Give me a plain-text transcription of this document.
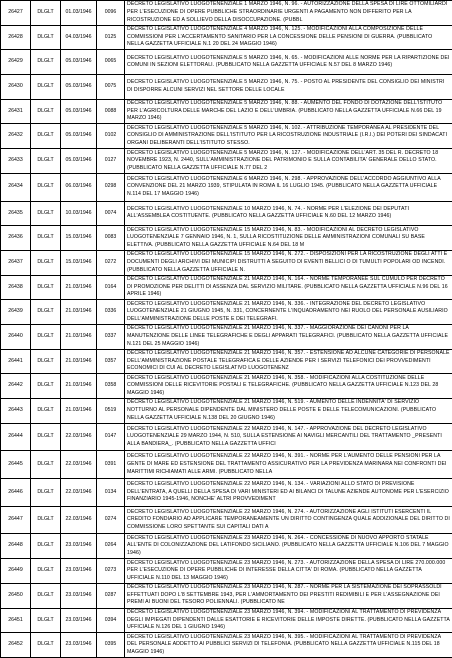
26427	DLGLT	01.03/1946	0096	DECRETO LEGISLATIVO LUOGOTENENZIALE 1 MARZO 1946, N. 96. - AUTORIZZAZIONE DELLA SPESA DI LIRE OTTOMILIARDI PER L'ESECUZIONE DI OPERE PUBBLICHE STRAORDINARIE URGENTI A PAGAMENTO NON DIFFERITO PER LA RICOSTRUZIONE ED A SOLLIEVO DELLA DISOCCUPAZIONE. (PUBBL
26428	DLGLT	04.03/1946	0125	DECRETO LEGISLATIVO LUOGOTENENZIALE 4 MARZO 1946, N. 125. - MODIFICAZIONI ALLA COMPOSIZIONE DELLE COMMISSIONI PER L'ACCERTAMENTO SANITARIO PER LA CONCESSIONE DELLE PENSIONI DI GUERRA. (PUBBLICATO NELLA GAZZETTA UFFICIALE N.1 20 DEL 24 MAGGIO 1946)
26429	DLGLT	05.03/1946	0065	DECRETO LEGISLATIVO LUOGOTENENZIALE 5 MARZO 1946, N. 65. - MODIFICAZIONI ALLE NORME PER LA RIPARTIZIONE DEI COMUNI IN SEZIONI ELETTORALI. (PUBBLICATO NELLA GAZZETTA UFFICIALE N.57 DEL 8 MARZO 1946)
26430	DLGLT	05.03/1946	0075	DECRETO LEGISLATIVO LUOGOTENENZIALE 5 MARZO 1946, N. 75. - POSTO AL PRESIDENTE DEL CONSIGLIO DEI MINISTRI DI DISPORRE ALCUNI SERVIZI NEL SETTORE DELLE LOCALE
26431	DLGLT	05.03/1946	0088	DECRETO LEGISLATIVO LUOGOTENENZIALE 5 MARZO 1946, N. 88. - AUMENTO DEL FONDO DI DOTAZIONE DELL'ISTITUTO PER L'AGRICOLTURA DELLE MARCHE DEL LAZIO E DELL'UMBRIA. (PUBBLICATO NELLA GAZZETTA UFFICIALE N.66 DEL 19 MARZO 1946)
26432	DLGLT	05.03/1946	0102	DECRETO LEGISLATIVO LUOGOTENENZIALE 5 MARZO 1946, N. 102. - ATTRIBUZIONE TEMPORANEA AL PRESIDENTE DEL CONSIGLIO DI AMMINISTRAZIONE DELL'ISTITUTO PER LA RICOSTRUZIONE INDUSTRIALE (I.R.I.) DEI POTERI DEI SINDACATI ORGANI DELIBERANTI DELL'ISTITUTO STESSO.
26433	DLGLT	05.03/1946	0127	DECRETO LEGISLATIVO LUOGOTENENZIALE 5 MARZO 1946, N. 127. - MODIFICAZIONE DELL'ART. 35 DEL R. DECRETO 18 NOVEMBRE 1923, N. 2440, SULL'AMMINISTRAZIONE DEL PATRIMONIO E SULLA CONTABILITA' GENERALE DELLO STATO. (PUBBLICATO NELLA GAZZETTA UFFICIALE N.77 DEL 2
26434	DLGLT	06.03/1946	0298	DECRETO LEGISLATIVO LUOGOTENENZIALE 6 MARZO 1946, N. 298. - APPROVAZIONE DELL'ACCORDO AGGIUNTIVO ALLA CONVENZIONE DEL 21 MARZO 1939, STIPULATA IN ROMA IL 16 LUGLIO 1945. (PUBBLICATO NELLA GAZZETTA UFFICIALE N.114 DEL 17 MAGGIO 1946)
26435	DLGLT	10.03/1946	0074	DECRETO LEGISLATIVO LUOGOTENENZIALE 10 MARZO 1946, N. 74. - NORME PER L'ELEZIONE DEI DEPUTATI ALL'ASSEMBLEA COSTITUENTE. (PUBBLICATO NELLA GAZZETTA UFFICIALE N.60 DEL 12 MARZO 1946)
26436	DLGLT	15.03/1946	0083	DECRETO LEGISLATIVO LUOGOTENENZIALE 15 MARZO 1946, N. 83. - MODIFICAZIONI AL DECRETO LEGISLATIVO LUOGOTENENZIALE 7 GENNAIO 1946, N. 1, SULLA RICOSTITUZIONE DELLE AMMINISTRAZIONI COMUNALI SU BASE ELETTIVA. (PUBBLICATO NELLA GAZZETTA UFFICIALE N.64 DEL 18 M
26437	DLGLT	15.03/1946	0272	DECRETO LEGISLATIVO LUOGOTENENZIALE 15 MARZO 1946, N. 272. - DISPOSIZIONI PER LA RICOSTRUZIONE DEGLI ATTI E DOCUMENTI DEGLI ARCHIVI DEI MUNICIPI DISTRUTTI A SEGUITO DI EVENTI BELLICI O DI TUMULTI POPOLARI OD INCENDI. (PUBBLICATO NELLA GAZZETTA UFFICIALE N.
26438	DLGLT	21.03/1946	0164	DECRETO LEGISLATIVO LUOGOTENENZIALE 21 MARZO 1946, N. 164. - NORME TEMPORANEE SUL CUMULO PER DECRETO DI PROMOZIONE PER DELITTI DI ASSENZA DAL SERVIZIO MILITARE. (PUBBLICATO NELLA GAZZETTA UFFICIALE N.96 DEL 16 APRILE 1946)
26439	DLGLT	21.03/1946	0336	DECRETO LEGISLATIVO LUOGOTENENZIALE 21 MARZO 1946, N. 336. - INTEGRAZIONE DEL DECRETO LEGISLATIVO LUOGOTENENZIALE 21 GIUGNO 1945, N. 331, CONCERNENTE L'INQUADRAMENTO NEI RUOLO DEL PERSONALE AUSILIARIO DELL'AMMINISTRAZIONE DELLE POSTE E DEI TELEGRAFI.
26440	DLGLT	21.03/1946	0337	DECRETO LEGISLATIVO LUOGOTENENZIALE 21 MARZO 1946, N. 337. - MAGGIORAZIONE DEI CANONI PER LA MANUTENZIONE DELLE LINEE TELEGRAFICHE E DEGLI APPARATI TELEGRAFICI. (PUBBLICATO NELLA GAZZETTA UFFICIALE N.121 DEL 25 MAGGIO 1946)
26441	DLGLT	21.03/1946	0357	DECRETO LEGISLATIVO LUOGOTENENZIALE 21 MARZO 1946, N. 357. - ESTENSIONE AD ALCUNE CATEGORIE DI PERSONALE DELL'AMMINISTRAZIONE POSTALE TELEGRAFICA E DELLE AZIENDE PER I SERVIZI TELEFONICI DEI PROVVEDIMENTI ECONOMICI DI CUI AL DECRETO LEGISLATIVO LUOGOTENENZ
26442	DLGLT	21.03/1946	0358	DECRETO LEGISLATIVO LUOGOTENENZIALE 21 MARZO 1946, N. 358. - MODIFICAZIONI ALLA COSTITUZIONE DELLE COMMISSIONI DELLE RICEVITORIE POSTALI E TELEGRAFICHE. (PUBBLICATO NELLA GAZZETTA UFFICIALE N.123 DEL 28 MAGGIO 1946)
26443	DLGLT	21.03/1946	0519	DECRETO LEGISLATIVO LUOGOTENENZIALE 21 MARZO 1946, N. 519. - AUMENTO DELLE INDENNITA' DI SERVIZIO NOTTURNO AL PERSONALE DIPENDENTE DAL MINISTERO DELLE POSTE E DELLE TELECOMUNICAZIONI. (PUBBLICATO NELLA GAZZETTA UFFICIALE N.138 DEL 20 GIUGNO 1946)
26444	DLGLT	22.03/1946	0147	DECRETO LEGISLATIVO LUOGOTENENZIALE 22 MARZO 1946, N. 147. - APPROVAZIONE DEL DECRETO LEGISLATIVO LUOGOTENENZIALE 29 MARZO 1944, N. 510, SULLA ESTENSIONE AI NAVIGLI MERCANTILI DEL TRATTAMENTO _PRESENTI ALLA BANDIERA_. (PUBBLICATO NELLA GAZZETTA UFFICI
26445	DLGLT	22.03/1946	0391	DECRETO LEGISLATIVO LUOGOTENENZIALE 22 MARZO 1946, N. 391. - NORME PER L'AUMENTO DELLE PENSIONI PER LA GENTE DI MARE ED ESTENSIONE DEL TRATTAMENTO ASSICURATIVO PER LA PREVIDENZA MARINARA NEI CONFRONTI DEI MARITTIMI RICHIAMATI ALLE ARMI. (PUBBLICATO NELLA
26446	DLGLT	22.03/1946	0134	DECRETO LEGISLATIVO LUOGOTENENZIALE 22 MARZO 1946, N. 134. - VARIAZIONI ALLO STATO DI PREVISIONE DELL'ENTRATA, A QUELLI DELLA SPESA DI VARI MINISTERI ED AI BILANCI DI TALUNE AZIENDE AUTONOME PER L'ESERCIZIO FINANZIARIO 1945-1946, NONCHE' ALTRI PROVVEDIMENT
26447	DLGLT	22.03/1946	0274	DECRETO LEGISLATIVO LUOGOTENENZIALE 22 MARZO 1946, N. 274. - AUTORIZZAZIONE AGLI ISTITUTI ESERCENTI IL CREDITO FONDIARIO AD APPLICARE TEMPORANEAMENTE UN DIRITTO CONTINGENZA QUALE ADDIZIONALE DEL DIRITTO DI COMMISSIONE LORO SPETTANTE SUI CAPITALI DATI A
26448	DLGLT	23.03/1946	0264	DECRETO LEGISLATIVO LUOGOTENENZIALE 23 MARZO 1946, N. 264. - CONCESSIONE DI NUOVO APPORTO STATALE ALL'ENTE DI COLONIZZAZIONE DEL LATIFONDO SICILIANO. (PUBBLICATO NELLA GAZZETTA UFFICIALE N.106 DEL 7 MAGGIO 1946)
26449	DLGLT	23.03/1946	0273	DECRETO LEGISLATIVO LUOGOTENENZIALE 23 MARZO 1946, N. 273. - AUTORIZZAZIONE DELLA SPESA DI LIRE 270.000.000 PER L'ESECUZIONE DI OPERE PUBBLICHE DI INTERESSE DELLA CITTA' DI ROMA. (PUBBLICATO NELLA GAZZETTA UFFICIALE N.110 DEL 13 MAGGIO 1946)
26450	DLGLT	23.03/1946	0287	DECRETO LEGISLATIVO LUOGOTENENZIALE 23 MARZO 1946, N. 287. - NORME PER LA SISTEMAZIONE DEI SOPRASSOLDI EFFETTUATI DOPO L'8 SETTEMBRE 1943, PER L'AMMORTAMENTO DEI PRESTITI REDIMIBILI E PER L'ASSEGNAZIONE DEI PREMI AI BUONI DEL TESORO POLIENNALI. (PUBBLICATO NE
26451	DLGLT	23.03/1946	0394	DECRETO LEGISLATIVO LUOGOTENENZIALE 23 MARZO 1946, N. 394. - MODIFICAZIONI AL TRATTAMENTO DI PREVIDENZA DEGLI IMPIEGATI DIPENDENTI DALLE ESATTORIE E RICEVITORIE DELLE IMPOSTE DIRETTE. (PUBBLICATO NELLA GAZZETTA UFFICIALE N.126 DEL 1 GIUGNO 1946)
26452	DLGLT	23.03/1946	0395	DECRETO LEGISLATIVO LUOGOTENENZIALE 23 MARZO 1946, N. 395. - MODIFICAZIONI AL TRATTAMENTO DI PREVIDENZA DEL PERSONALE ADDETTO AI PUBBLICI SERVIZI DI TELEFONIA. (PUBBLICATO NELLA GAZZETTA UFFICIALE N.115 DEL 18 MAGGIO 1946)
